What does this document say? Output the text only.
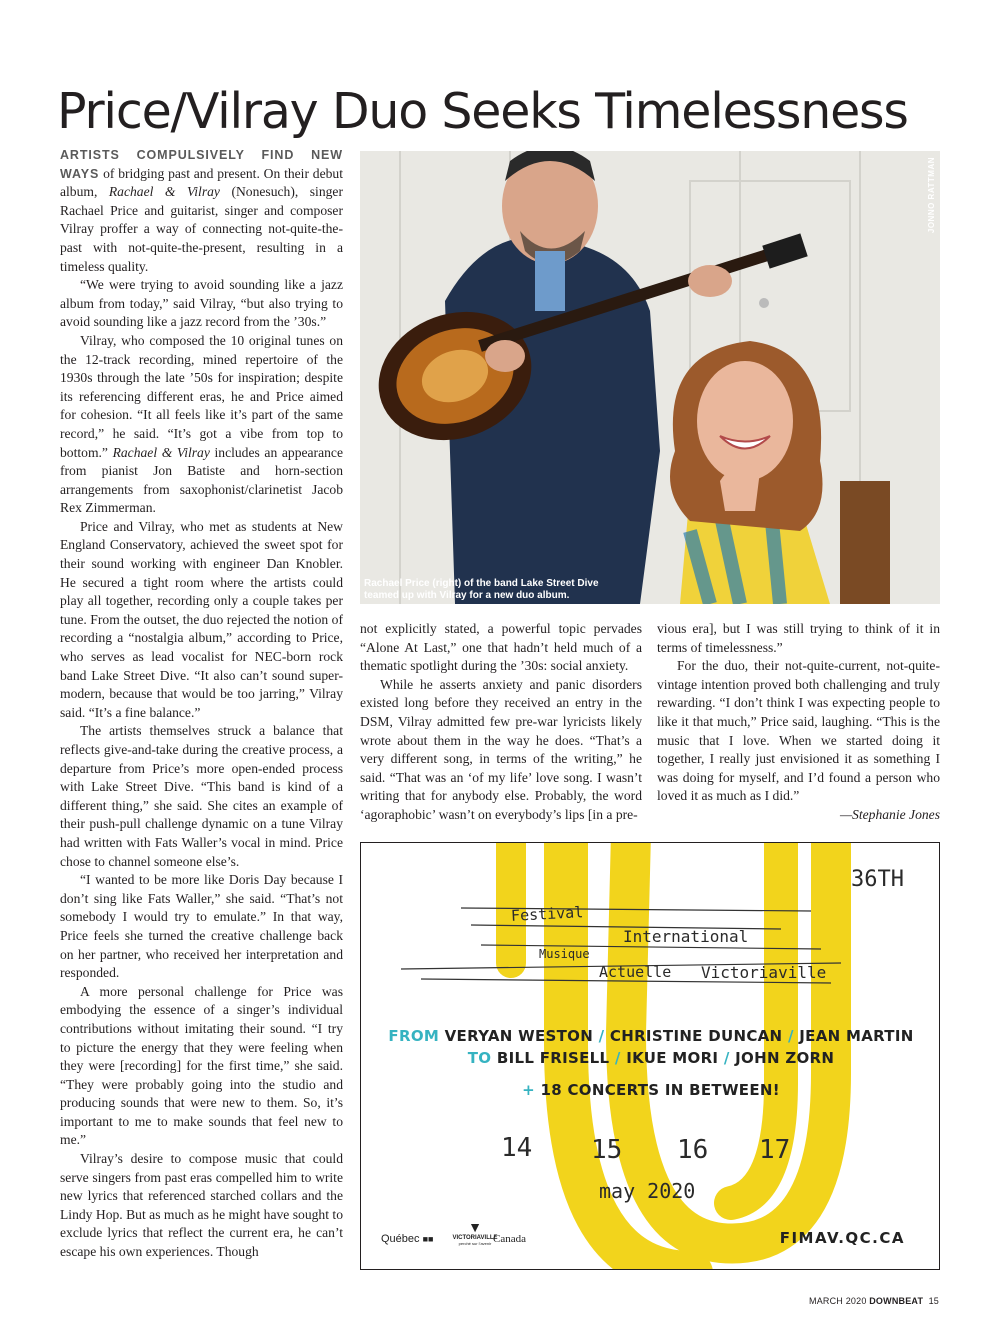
Price/Vilray Duo Seeks Timelessness

ARTISTS COMPULSIVELY FIND NEW WAYS of bridging past and present. On their debut album, Rachael & Vilray (Nonesuch), singer Rachael Price and guitarist, singer and composer Vilray proffer a way of connecting not-quite-the-past with not-quite-the-present, resulting in a timeless quality.

“We were trying to avoid sounding like a jazz album from today,” said Vilray, “but also trying to avoid sounding like a jazz record from the ’30s.”

Vilray, who composed the 10 original tunes on the 12-track recording, mined repertoire of the 1930s through the late ’50s for inspiration; despite its referencing different eras, he and Price aimed for cohesion. “It all feels like it’s part of the same record,” he said. “It’s got a vibe from top to bottom.” Rachael & Vilray includes an appearance from pianist Jon Batiste and horn-section arrangements from saxophonist/clarinetist Jacob Rex Zimmerman.

Price and Vilray, who met as students at New England Conservatory, achieved the sweet spot for their sound working with engineer Dan Knobler. He secured a tight room where the artists could play all together, recording only a couple takes per tune. From the outset, the duo rejected the notion of recording a “nostalgia album,” according to Price, who serves as lead vocalist for NEC-born rock band Lake Street Dive. “It also can’t sound super-modern, because that would be too jarring,” Vilray said. “It’s a fine balance.”

The artists themselves struck a balance that reflects give-and-take during the creative process, a departure from Price’s more open-ended process with Lake Street Dive. “This band is kind of a different thing,” she said. She cites an example of their push-pull challenge dynamic on a tune Vilray had written with Fats Waller’s vocal in mind. Price chose to channel someone else’s.

“I wanted to be more like Doris Day because I don’t sing like Fats Waller,” she said. “That’s not somebody I would try to emulate.” In that way, Price feels she turned the creative challenge back on her partner, who received her interpretation and responded.

A more personal challenge for Price was embodying the essence of a singer’s individual contributions without imitating their sound. “I try to picture the energy that they were feeling when they were [recording] for the first time,” she said. “They were probably going into the studio and producing sounds that were new to them. So, it’s important to me to make sounds that feel new to me.”

Vilray’s desire to compose music that could serve singers from past eras compelled him to write new lyrics that referenced starched collars and the Lindy Hop. But as much as he might have sought to exclude lyrics that reflect the current era, he can’t escape his own experiences. Though

JONNO RATTMAN
Rachael Price (right) of the band Lake Street Dive teamed up with Vilray for a new duo album.

not explicitly stated, a powerful topic pervades “Alone At Last,” one that hadn’t held much of a thematic spotlight during the ’30s: social anxiety.

While he asserts anxiety and panic disorders existed long before they received an entry in the DSM, Vilray admitted few pre-war lyricists likely wrote about them in the way he does. “That’s a very different song, in terms of the writing,” he said. “That was an ‘of my life’ love song. I wasn’t writing that for anybody else. Probably, the word ‘agoraphobic’ wasn’t on everybody’s lips [in a pre-

vious era], but I was still trying to think of it in terms of timelessness.”

For the duo, their not-quite-current, not-quite-vintage intention proved both challenging and truly rewarding. “I don’t think I was expecting people to like it that much,” Price said, laughing. “This is the music that I love. When we started doing it together, I really just envisioned it as something I was doing for myself, and I’d found a person who loved it as much as I did.”

—Stephanie Jones

36TH
Festival
International
Musique
Actuelle Victoriaville
FROM VERYAN WESTON / CHRISTINE DUNCAN / JEAN MARTIN
TO BILL FRISELL / IKUE MORI / JOHN ZORN
+ 18 CONCERTS IN BETWEEN!
14 15 16 17
may 2020
Québec ■■
▼
VICTORIAVILLE
perché sur l’avenir Canada	FIMAV.QC.CA
MARCH 2020 DOWNBEAT 15
